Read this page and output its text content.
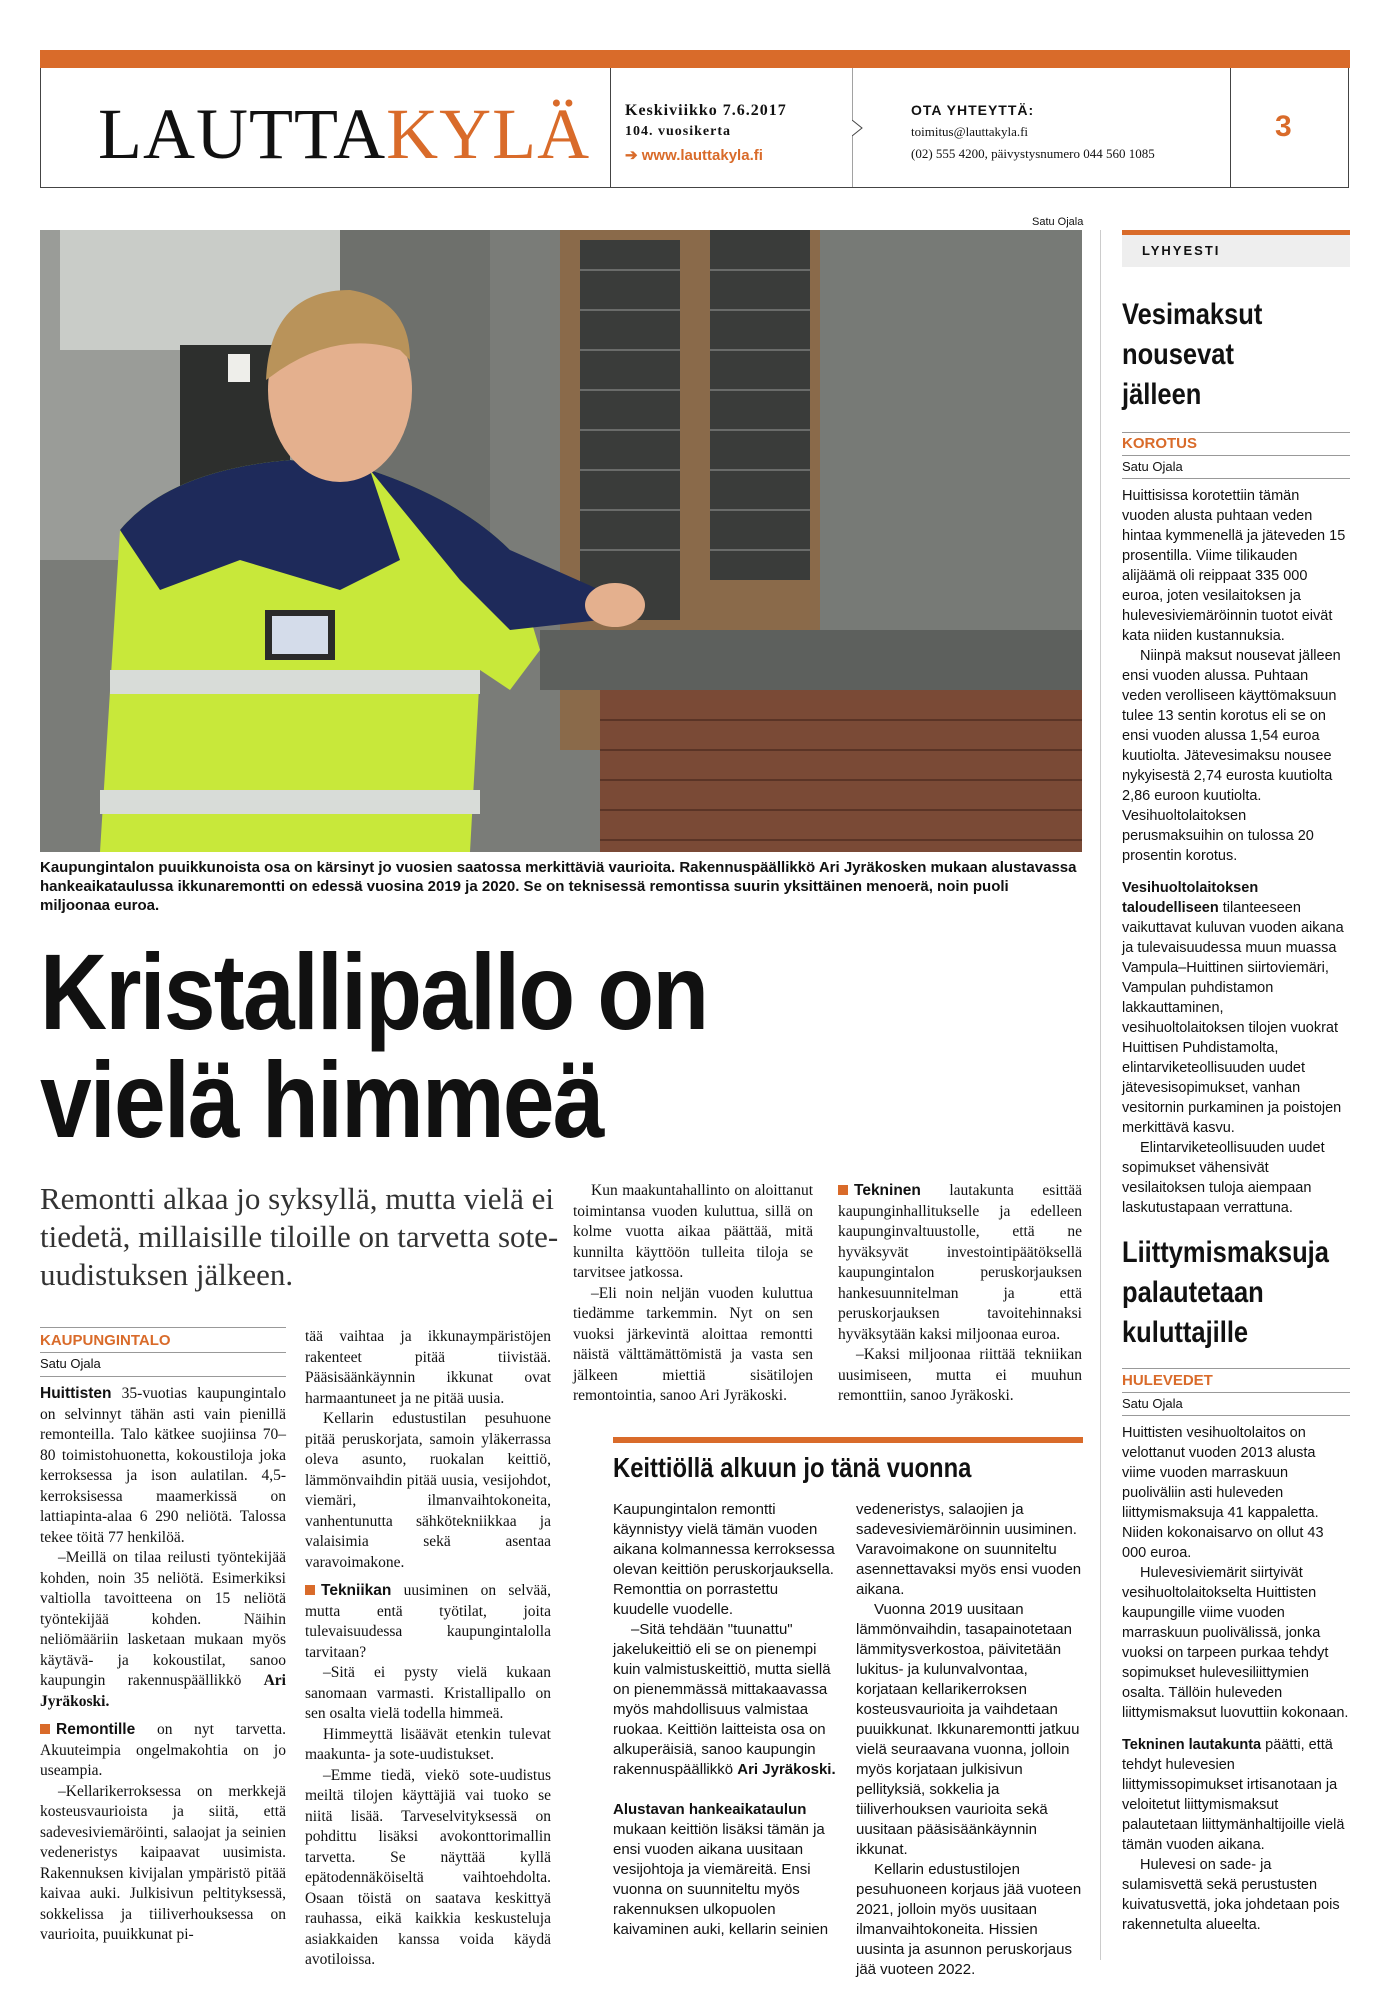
LAUTTAKYLÄ Keskiviikko 7.6.2017
104. vuosikerta
➔ www.lauttakyla.fi
OTA YHTEYTTÄ:
toimitus@lauttakyla.fi
(02) 555 4200, päivystysnumero 044 560 1085
3
Satu Ojala
Kaupungintalon puuikkunoista osa on kärsinyt jo vuosien saatossa merkittäviä vaurioita. Rakennuspäällikkö Ari Jyräkosken mukaan alustavassa hankeaikataulussa ikkunaremontti on edessä vuosina 2019 ja 2020. Se on teknisessä remontissa suurin yksittäinen menoerä, noin puoli miljoonaa euroa.
Kristallipallo on
vielä himmeä
Remontti alkaa jo syksyllä, mutta vielä ei tiedetä, millaisille tiloille on tarvetta sote-uudistuksen jälkeen.
KAUPUNGINTALO
Satu Ojala

Huittisten 35-vuotias kaupungintalo on selvinnyt tähän asti vain pienillä remonteilla. Talo kätkee suojiinsa 70–80 toimistohuonetta, kokoustiloja joka kerroksessa ja ison aulatilan. 4,5-kerroksisessa maamerkissä on lattiapinta-alaa 6 290 neliötä. Talossa tekee töitä 77 henkilöä.

–Meillä on tilaa reilusti työntekijää kohden, noin 35 neliötä. Esimerkiksi valtiolla tavoitteena on 15 neliötä työntekijää kohden. Näihin neliömääriin lasketaan mukaan myös käytävä- ja kokoustilat, sanoo kaupungin rakennuspäällikkö Ari Jyräkoski.

Remontille on nyt tarvetta. Akuuteimpia ongelmakohtia on jo useampia.

–Kellarikerroksessa on merkkejä kosteusvaurioista ja siitä, että sadevesiviemäröinti, salaojat ja seinien vedeneristys kaipaavat uusimista. Rakennuksen kivijalan ympäristö pitää kaivaa auki. Julkisivun peltityksessä, sokkelissa ja tiiliverhouksessa on vaurioita, puuikkunat pi-

tää vaihtaa ja ikkunaympäristöjen rakenteet pitää tiivistää. Pääsisäänkäynnin ikkunat ovat harmaantuneet ja ne pitää uusia.

Kellarin edustustilan pesuhuone pitää peruskorjata, samoin yläkerrassa oleva asunto, ruokalan keittiö, lämmönvaihdin pitää uusia, vesijohdot, viemäri, ilmanvaihtokoneita, vanhentunutta sähkötekniikkaa ja valaisimia sekä asentaa varavoimakone.

Tekniikan uusiminen on selvää, mutta entä työtilat, joita tulevaisuudessa kaupungintalolla tarvitaan?

–Sitä ei pysty vielä kukaan sanomaan varmasti. Kristallipallo on sen osalta vielä todella himmeä.

Himmeyttä lisäävät etenkin tulevat maakunta- ja sote-uudistukset.

–Emme tiedä, viekö sote-uudistus meiltä tilojen käyttäjiä vai tuoko se niitä lisää. Tarveselvityksessä on pohdittu lisäksi avokonttorimallin tarvetta. Se näyttää kyllä epätodennäköiseltä vaihtoehdolta. Osaan töistä on saatava keskittyä rauhassa, eikä kaikkia keskusteluja asiakkaiden kanssa voida käydä avotiloissa.

Kun maakuntahallinto on aloittanut toimintansa vuoden kuluttua, sillä on kolme vuotta aikaa päättää, mitä kunnilta käyttöön tulleita tiloja se tarvitsee jatkossa.

–Eli noin neljän vuoden kuluttua tiedämme tarkemmin. Nyt on sen vuoksi järkevintä aloittaa remontti näistä välttämättömistä ja vasta sen jälkeen miettiä sisätilojen remontointia, sanoo Ari Jyräkoski.

Tekninen lautakunta esittää kaupunginhallitukselle ja edelleen kaupunginvaltuustolle, että ne hyväksyvät investointipäätöksellä kaupungintalon peruskorjauksen hankesuunnitelman ja että peruskorjauksen tavoitehinnaksi hyväksytään kaksi miljoonaa euroa.

–Kaksi miljoonaa riittää tekniikan uusimiseen, mutta ei muuhun remonttiin, sanoo Jyräkoski.

Keittiöllä alkuun jo tänä vuonna

Kaupungintalon remontti käynnistyy vielä tämän vuoden aikana kolmannessa kerroksessa olevan keittiön peruskorjauksella. Remonttia on porrastettu kuudelle vuodelle.

–Sitä tehdään "tuunattu" jakelukeittiö eli se on pienempi kuin valmistuskeittiö, mutta siellä on pienemmässä mittakaavassa myös mahdollisuus valmistaa ruokaa. Keittiön laitteista osa on alkuperäisiä, sanoo kaupungin rakennuspäällikkö Ari Jyräkoski.

Alustavan hankeaikataulun mukaan keittiön lisäksi tämän ja ensi vuoden aikana uusitaan vesijohtoja ja viemäreitä. Ensi vuonna on suunniteltu myös rakennuksen ulkopuolen kaivaminen auki, kellarin seinien

vedeneristys, salaojien ja sadevesiviemäröinnin uusiminen. Varavoimakone on suunniteltu asennettavaksi myös ensi vuoden aikana.

Vuonna 2019 uusitaan lämmönvaihdin, tasapainotetaan lämmitysverkostoa, päivitetään lukitus- ja kulunvalvontaa, korjataan kellarikerroksen kosteusvaurioita ja vaihdetaan puuikkunat. Ikkunaremontti jatkuu vielä seuraavana vuonna, jolloin myös korjataan julkisivun pellityksiä, sokkelia ja tiiliverhouksen vaurioita sekä uusitaan pääsisäänkäynnin ikkunat.

Kellarin edustustilojen pesuhuoneen korjaus jää vuoteen 2021, jolloin myös uusitaan ilmanvaihtokoneita. Hissien uusinta ja asunnon peruskorjaus jää vuoteen 2022.

LYHYESTI
Vesimaksut
nousevat
jälleen
KOROTUS
Satu Ojala

Huittisissa korotettiin tämän vuoden alusta puhtaan veden hintaa kymmenellä ja jäteveden 15 prosentilla. Viime tilikauden alijäämä oli reippaat 335 000 euroa, joten vesilaitoksen ja hulevesiviemäröinnin tuotot eivät kata niiden kustannuksia.

Niinpä maksut nousevat jälleen ensi vuoden alussa. Puhtaan veden verolliseen käyttömaksuun tulee 13 sentin korotus eli se on ensi vuoden alussa 1,54 euroa kuutiolta. Jätevesimaksu nousee nykyisestä 2,74 eurosta kuutiolta 2,86 euroon kuutiolta. Vesihuoltolaitoksen perusmaksuihin on tulossa 20 prosentin korotus.

Vesihuoltolaitoksen taloudelliseen tilanteeseen vaikuttavat kuluvan vuoden aikana ja tulevaisuudessa muun muassa Vampula–Huittinen siirtoviemäri, Vampulan puhdistamon lakkauttaminen, vesihuoltolaitoksen tilojen vuokrat Huittisen Puhdistamolta, elintarviketeollisuuden uudet jätevesisopimukset, vanhan vesitornin purkaminen ja poistojen merkittävä kasvu.

Elintarviketeollisuuden uudet sopimukset vähensivät vesilaitoksen tuloja aiempaan laskutustapaan verrattuna.

Liittymismaksuja
palautetaan
kuluttajille
HULEVEDET
Satu Ojala

Huittisten vesihuoltolaitos on velottanut vuoden 2013 alusta viime vuoden marraskuun puoliväliin asti huleveden liittymismaksuja 41 kappaletta. Niiden kokonaisarvo on ollut 43 000 euroa.

Hulevesiviemärit siirtyivät vesihuoltolaitokselta Huittisten kaupungille viime vuoden marraskuun puolivälissä, jonka vuoksi on tarpeen purkaa tehdyt sopimukset hulevesiliittymien osalta. Tällöin huleveden liittymismaksut luovuttiin kokonaan.

Tekninen lautakunta päätti, että tehdyt hulevesien liittymissopimukset irtisanotaan ja veloitetut liittymismaksut palautetaan liittymänhaltijoille vielä tämän vuoden aikana.

Hulevesi on sade- ja sulamisvettä sekä perustusten kuivatusvettä, joka johdetaan pois rakennetulta alueelta.
